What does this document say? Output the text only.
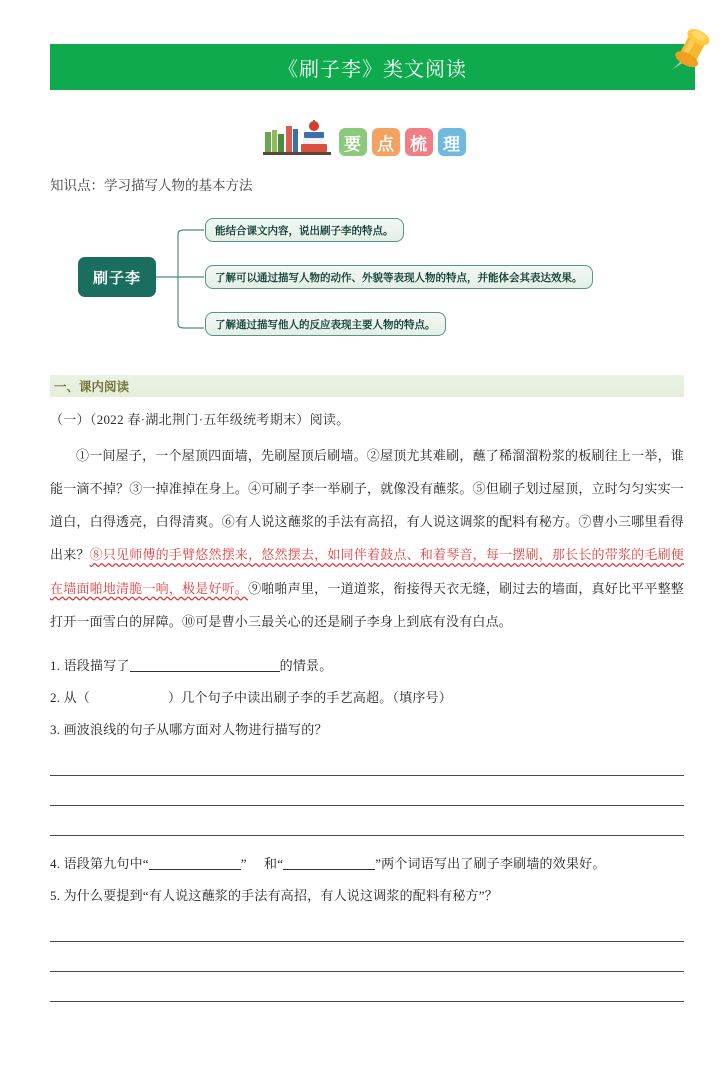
《刷子李》类文阅读
要 点 梳 理
知识点：学习描写人物的基本方法
刷子李
能结合课文内容，说出刷子李的特点。
了解可以通过描写人物的动作、外貌等表现人物的特点，并能体会其表达效果。
了解通过描写他人的反应表现主要人物的特点。
一、课内阅读
（一）（2022 春·湖北荆门·五年级统考期末）阅读。

①一间屋子，一个屋顶四面墙，先刷屋顶后刷墙。②屋顶尤其难刷，蘸了稀溜溜粉浆的板刷往上一举，谁能一滴不掉？③一掉准掉在身上。④可刷子李一举刷子，就像没有蘸浆。⑤但刷子划过屋顶，立时匀匀实实一道白，白得透亮，白得清爽。⑥有人说这蘸浆的手法有高招，有人说这调浆的配料有秘方。⑦曹小三哪里看得出来？⑧只见师傅的手臂悠然摆来，悠然摆去，如同伴着鼓点、和着琴音，每一摆刷，那长长的带浆的毛刷便在墙面啪地清脆一响，极是好听。⑨啪啪声里，一道道浆，衔接得天衣无缝，刷过去的墙面，真好比平平整整打开一面雪白的屏障。⑩可是曹小三最关心的还是刷子李身上到底有没有白点。

1. 语段描写了	的情景。
2. 从（	）几个句子中读出刷子李的手艺高超。（填序号）
3. 画波浪线的句子从哪方面对人物进行描写的？
4. 语段第九句中“	” 和“	”两个词语写出了刷子李刷墙的效果好。
5. 为什么要提到“有人说这蘸浆的手法有高招，有人说这调浆的配料有秘方”？
